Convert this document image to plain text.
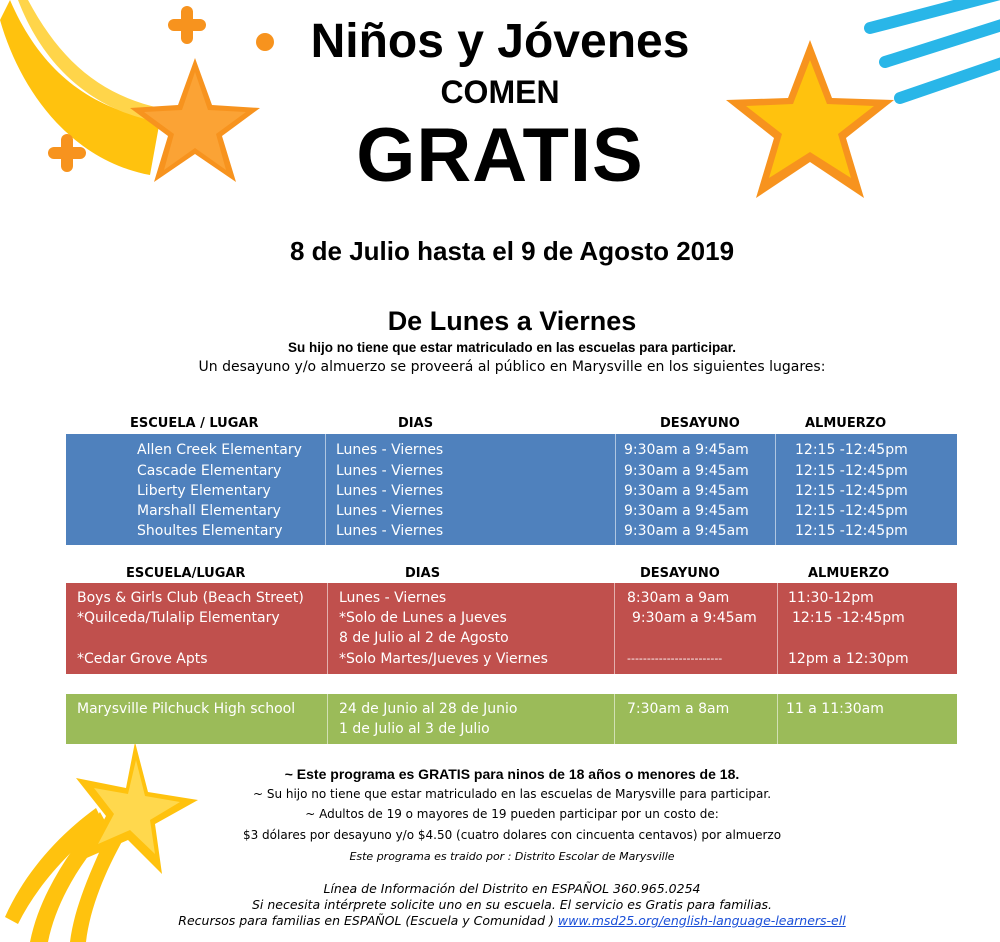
Niños y Jóvenes
COMEN
GRATIS
8 de Julio hasta el 9 de Agosto 2019
De Lunes a Viernes
Su hijo no tiene que estar matriculado en las escuelas para participar.
Un desayuno y/o almuerzo se proveerá al público en Marysville en los siguientes lugares:
ESCUELA / LUGAR	DIAS	DESAYUNO	ALMUERZO
Allen Creek Elementary Lunes - Viernes	9:30am a 9:45am	12:15 -12:45pm
Cascade Elementary	Lunes - Viernes	9:30am a 9:45am	12:15 -12:45pm
Liberty Elementary	Lunes - Viernes	9:30am a 9:45am	12:15 -12:45pm
Marshall Elementary	Lunes - Viernes	9:30am a 9:45am	12:15 -12:45pm
Shoultes Elementary	Lunes - Viernes	9:30am a 9:45am	12:15 -12:45pm
ESCUELA/LUGAR	DIAS	DESAYUNO	ALMUERZO
Boys & Girls Club (Beach Street)	Lunes - Viernes	8:30am a 9am	11:30-12pm
*Quilceda/Tulalip Elementary	*Solo de Lunes a Jueves	9:30am a 9:45am	12:15 -12:45pm
8 de Julio al 2 de Agosto
*Cedar Grove Apts	*Solo Martes/Jueves y Viernes	------------------------	12pm a 12:30pm
Marysville Pilchuck High school	24 de Junio al 28 de Junio	7:30am a 8am	11 a 11:30am
1 de Julio al 3 de Julio
~ Este programa es GRATIS para ninos de 18 años o menores de 18.
~ Su hijo no tiene que estar matriculado en las escuelas de Marysville para participar.
~ Adultos de 19 o mayores de 19 pueden participar por un costo de:
$3 dólares por desayuno y/o $4.50 (cuatro dolares con cincuenta centavos) por almuerzo
Este programa es traido por : Distrito Escolar de Marysville
Línea de Información del Distrito en ESPAÑOL 360.965.0254
Si necesita intérprete solicite uno en su escuela. El servicio es Gratis para familias.
Recursos para familias en ESPAÑOL (Escuela y Comunidad ) www.msd25.org/english-language-learners-ell
